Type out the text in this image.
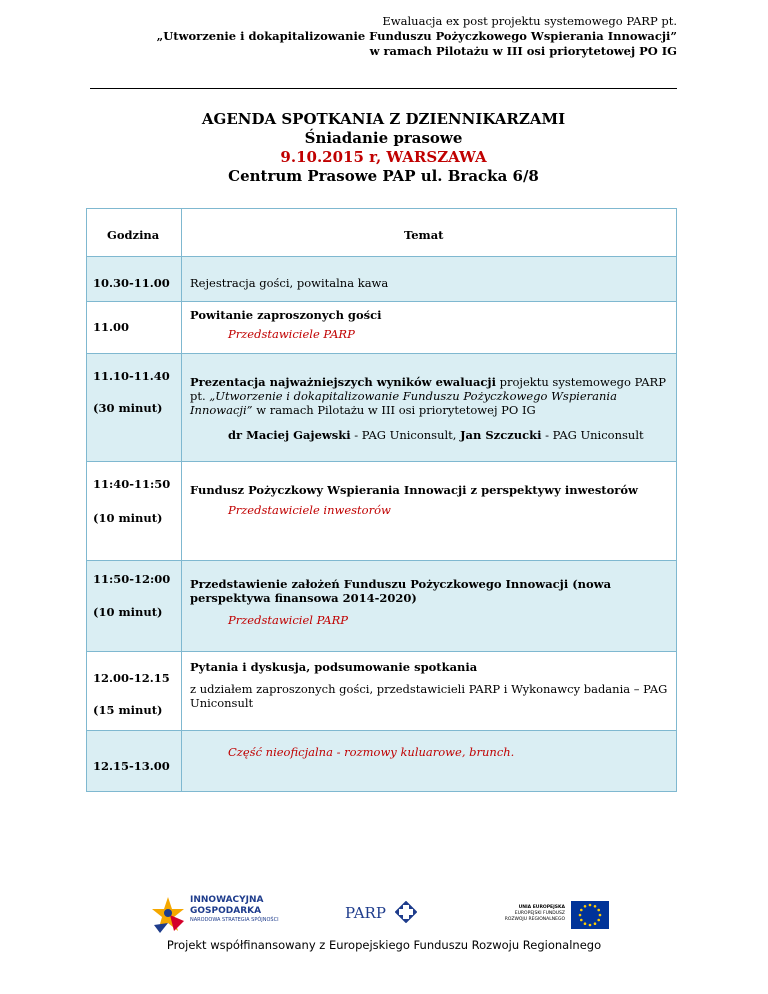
Ewaluacja ex post projektu systemowego PARP pt.
„Utworzenie i dokapitalizowanie Funduszu Pożyczkowego Wspierania Innowacji”
w ramach Pilotażu w III osi priorytetowej PO IG
AGENDA SPOTKANIA Z DZIENNIKARZAMI
Śniadanie prasowe
9.10.2015 r, WARSZAWA
Centrum Prasowe PAP ul. Bracka 6/8
Godzina	Temat

10.30-11.00	Rejestracja gości, powitalna kawa

11.00	Powitanie zaproszonych gości
Przedstawiciele PARP

11.10-11.40
(30 minut)	Prezentacja najważniejszych wyników ewaluacji projektu systemowego PARP pt. „Utworzenie i dokapitalizowanie Funduszu Pożyczkowego Wspierania Innowacji” w ramach Pilotażu w III osi priorytetowej PO IG
dr Maciej Gajewski - PAG Uniconsult, Jan Szczucki - PAG Uniconsult

11:40-11:50
(10 minut)	Fundusz Pożyczkowy Wspierania Innowacji z perspektywy inwestorów
Przedstawiciele inwestorów

11:50-12:00
(10 minut)	Przedstawienie założeń Funduszu Pożyczkowego Innowacji (nowa perspektywa finansowa 2014-2020)
Przedstawiciel PARP

12.00-12.15
(15 minut)	Pytania i dyskusja, podsumowanie spotkania
z udziałem zaproszonych gości, przedstawicieli PARP i Wykonawcy badania – PAG Uniconsult

12.15-13.00	Część nieoficjalna - rozmowy kuluarowe, brunch.
INNOWACYJNA
GOSPODARKA
NARODOWA STRATEGIA SPÓJNOŚCI	PARP	UNIA EUROPEJSKA
EUROPEJSKI FUNDUSZ
ROZWOJU REGIONALNEGO
Projekt współfinansowany z Europejskiego Funduszu Rozwoju Regionalnego
